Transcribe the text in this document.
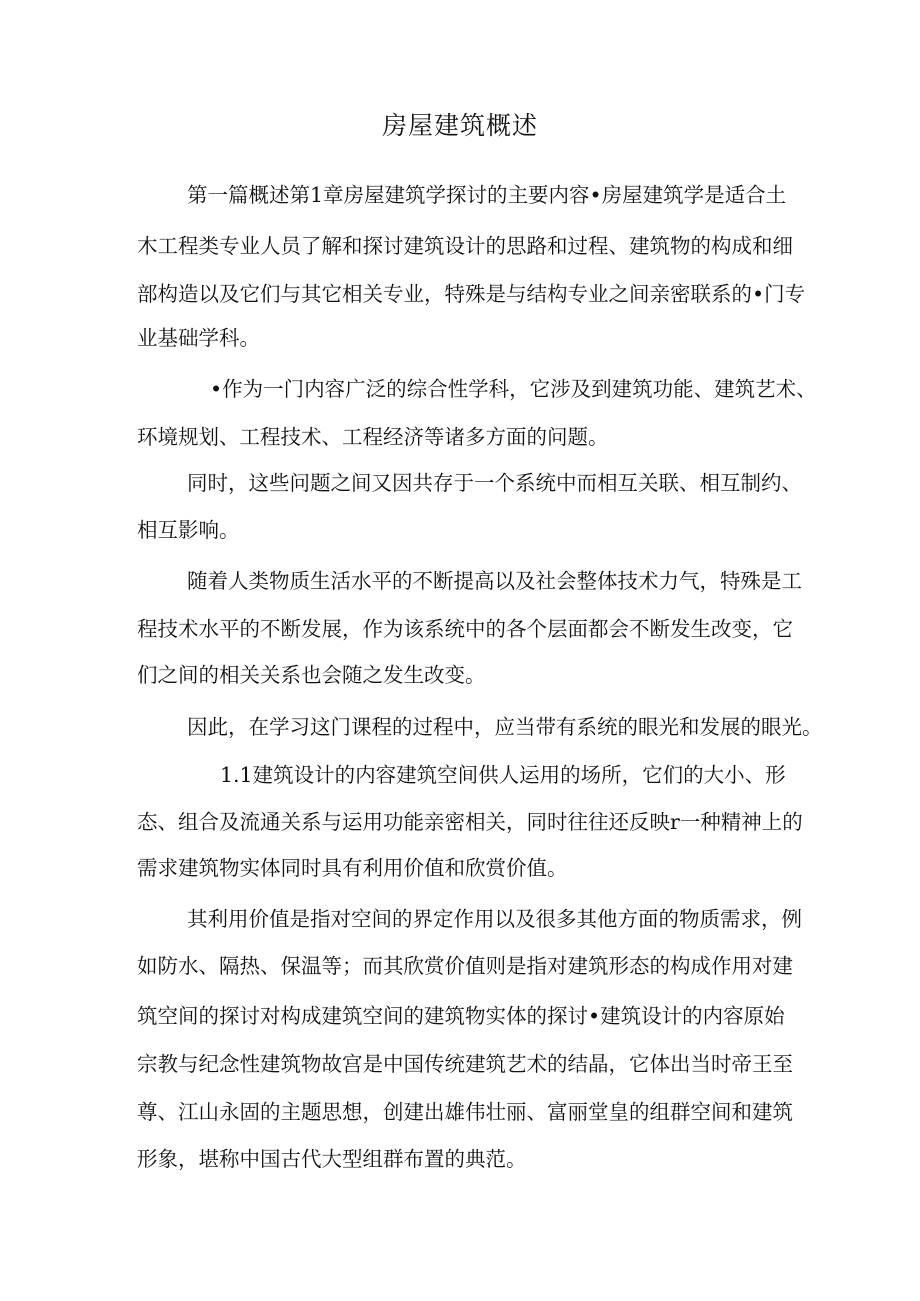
房屋建筑概述

第一篇概述第1章房屋建筑学探讨的主要内容•房屋建筑学是适合土

木工程类专业人员了解和探讨建筑设计的思路和过程、建筑物的构成和细

部构造以及它们与其它相关专业，特殊是与结构专业之间亲密联系的•门专

业基础学科。

•作为一门内容广泛的综合性学科，它涉及到建筑功能、建筑艺术、

环境规划、工程技术、工程经济等诸多方面的问题。

同时，这些问题之间又因共存于一个系统中而相互关联、相互制约、

相互影响。

随着人类物质生活水平的不断提高以及社会整体技术力气，特殊是工

程技术水平的不断发展，作为该系统中的各个层面都会不断发生改变，它

们之间的相关关系也会随之发生改变。

因此，在学习这门课程的过程中，应当带有系统的眼光和发展的眼光。

1.1建筑设计的内容建筑空间供人运用的场所，它们的大小、形

态、组合及流通关系与运用功能亲密相关，同时往往还反映r一种精神上的

需求建筑物实体同时具有利用价值和欣赏价值。

其利用价值是指对空间的界定作用以及很多其他方面的物质需求，例

如防水、隔热、保温等；而其欣赏价值则是指对建筑形态的构成作用对建

筑空间的探讨对构成建筑空间的建筑物实体的探讨•建筑设计的内容原始

宗教与纪念性建筑物故宫是中国传统建筑艺术的结晶，它体出当时帝王至

尊、江山永固的主题思想，创建出雄伟壮丽、富丽堂皇的组群空间和建筑

形象，堪称中国古代大型组群布置的典范。
